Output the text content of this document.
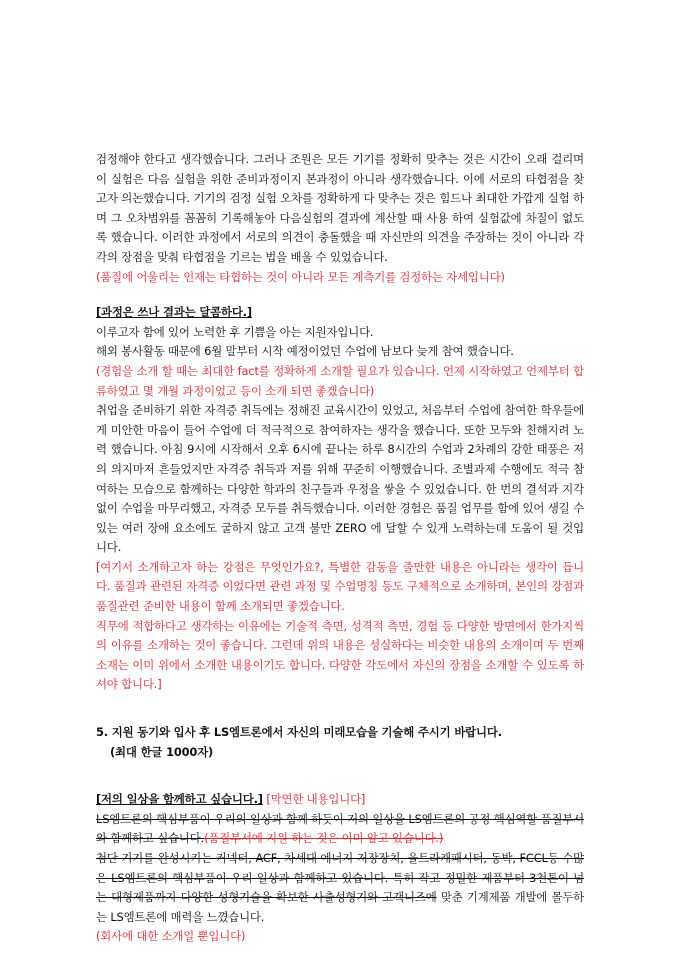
검정해야 한다고 생각했습니다. 그러나 조원은 모든 기기를 정확히 맞추는 것은 시간이 오래 걸리며 이 실험은 다음 실험을 위한 준비과정이지 본과정이 아니라 생각했습니다. 이에 서로의 타협점을 찾고자 의논했습니다. 기기의 검정 실험 오차를 정확하게 다 맞추는 것은 힘드나 최대한 가깝게 실험 하며 그 오차범위를 꼼꼼히 기록해놓아 다음실험의 결과에 계산할 때 사용 하여 실험값에 차질이 없도록 했습니다. 이러한 과정에서 서로의 의견이 충돌했을 때 자신만의 의견을 주장하는 것이 아니라 각각의 장점을 맞춰 타협점을 기르는 법을 배울 수 있었습니다.

(품질에 어울리는 인재는 타협하는 것이 아니라 모든 계측기를 검정하는 자세입니다)

[과정은 쓰나 결과는 달콤하다.]

이루고자 함에 있어 노력한 후 기쁨을 아는 지원자입니다.

해외 봉사활동 때문에 6월 말부터 시작 예정이었던 수업에 남보다 늦게 참여 했습니다.

(경험을 소개 할 때는 최대한 fact를 정확하게 소개할 필요가 있습니다. 언제 시작하였고 언제부터 합류하였고 몇 개월 과정이었고 등이 소개 되면 좋겠습니다)

취업을 준비하기 위한 자격증 취득에는 정해진 교육시간이 있었고, 처음부터 수업에 참여한 학우들에게 미안한 마음이 들어 수업에 더 적극적으로 참여하자는 생각을 했습니다. 또한 모두와 친해지려 노력 했습니다. 아침 9시에 시작해서 오후 6시에 끝나는 하루 8시간의 수업과 2차례의 강한 태풍은 저의 의지마저 흔들었지만 자격증 취득과 저를 위해 꾸준히 이행했습니다. 조별과제 수행에도 적극 참여하는 모습으로 함께하는 다양한 학과의 친구들과 우정을 쌓을 수 있었습니다. 한 번의 결석과 지각없이 수업을 마무리했고, 자격증 모두를 취득했습니다. 이러한 경험은 품질 업무를 함에 있어 생길 수 있는 여러 장애 요소에도 굴하지 않고 고객 불만 ZERO 에 달할 수 있게 노력하는데 도움이 될 것입니다.

[여기서 소개하고자 하는 강점은 무엇인가요?, 특별한 감동을 줄만한 내용은 아니라는 생각이 듭니다. 품질과 관련된 자격증 이었다면 관련 과정 및 수업명칭 등도 구체적으로 소개하며, 본인의 강점과 품질관련 준비한 내용이 함께 소개되면 좋겠습니다.

직무에 적합하다고 생각하는 이유에는 기술적 측면, 성격적 측면, 경험 등 다양한 방면에서 한가지씩의 이유를 소개하는 것이 좋습니다. 그런데 위의 내용은 성실하다는 비슷한 내용의 소개이며 두 번째 소재는 이미 위에서 소개한 내용이기도 합니다. 다양한 각도에서 자신의 장점을 소개할 수 있도록 하셔야 합니다.]

5. 지원 동기와 입사 후 LS엠트론에서 자신의 미래모습을 기술해 주시기 바랍니다.
(최대 한글 1000자)

[저의 일상을 함께하고 싶습니다.] [막연한 내용입니다]

LS엠트론의 핵심부품이 우리의 일상과 함께 하듯이 저의 일상을 LS엠트론의 공정 핵심역할 품질부서와 함께하고 싶습니다.(품질부서에 지원 하는 것은 이미 알고 있습니다.)

첨단 기기를 완성시키는 커넥터, ACF, 차세대 에너지 저장장치, 울트라캐패시터, 동박, FCCL등 수많은 LS엠트론의 핵심부품이 우리 일상과 함께하고 있습니다. 특히 작고 정밀한 제품부터 3천톤이 넘는 대형제품까지 다양한 성형기술을 확보한 사출성형기와 고객니즈에 맞춘 기계제품 개발에 몰두하는 LS엠트론에 매력을 느꼈습니다.

(회사에 대한 소개일 뿐입니다)
